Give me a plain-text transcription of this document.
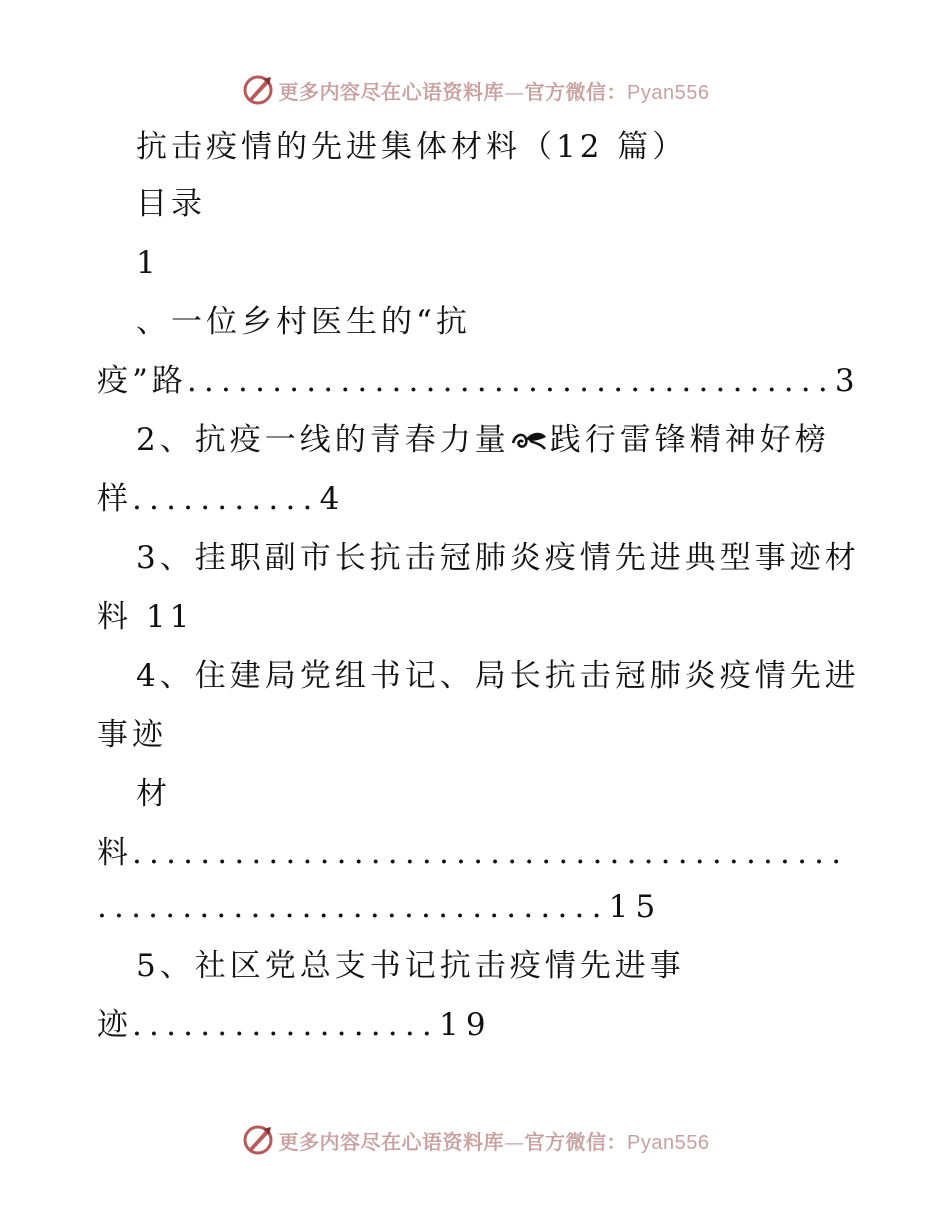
更多内容尽在心语资料库—官方微信：Pyan556
抗击疫情的先进集体材料（12 篇）
目录
1
、一位乡村医生的“抗
疫”路......................................3
2、抗疫一线的青春力量 践行雷锋精神好榜
样...........4
3、挂职副市长抗击冠肺炎疫情先进典型事迹材
料 11
4、住建局党组书记、局长抗击冠肺炎疫情先进
事迹
材
料..........................................
..............................15
5、社区党总支书记抗击疫情先进事
迹..................19
更多内容尽在心语资料库—官方微信：Pyan556
